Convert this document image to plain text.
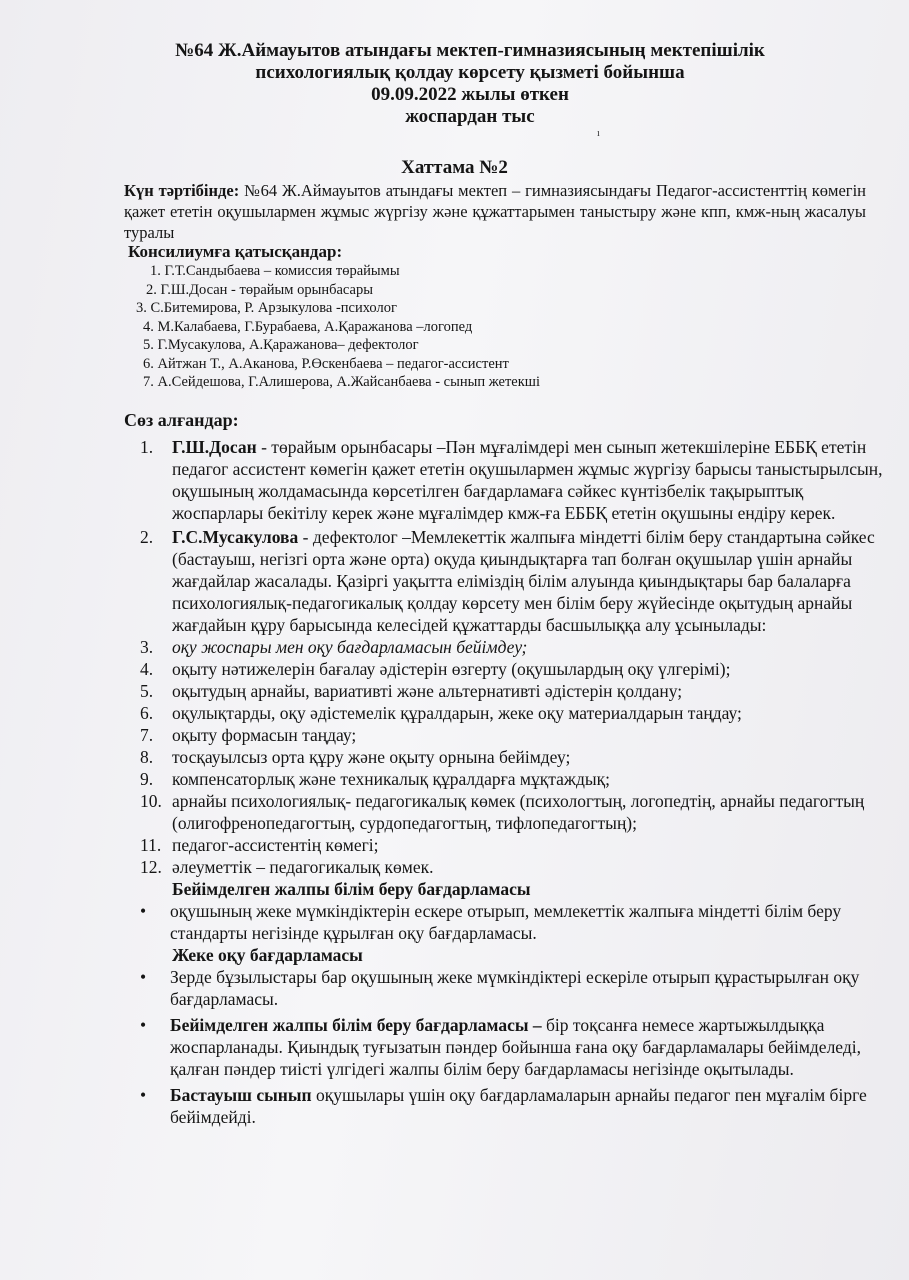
№64 Ж.Аймауытов атындағы мектеп-гимназиясының мектепішілік
психологиялық қолдау көрсету қызметі бойынша
09.09.2022 жылы өткен
жоспардан тыс
ı
Хаттама №2
Күн тәртібінде: №64 Ж.Аймауытов атындағы мектеп – гимназиясындағы Педагог-ассистенттің көмегін қажет ететін оқушылармен жұмыс жүргізу және құжаттарымен таныстыру және кпп, кмж-ның жасалуы туралы
Консилиумға қатысқандар:
1. Г.Т.Сандыбаева – комиссия төрайымы
2. Г.Ш.Досан - төрайым орынбасары
3. С.Битемирова, Р. Арзыкулова -психолог
4. М.Калабаева, Г.Бурабаева, А.Қаражанова –логопед
5. Г.Мусакулова, А.Қаражанова– дефектолог
6. Айтжан Т., А.Аканова, Р.Өскенбаева – педагог-ассистент
7. А.Сейдешова, Г.Алишерова, А.Жайсанбаева - сынып жетекші
Сөз алғандар:
1. Г.Ш.Досан - төрайым орынбасары –Пән мұғалімдері мен сынып жетекшілеріне ЕББҚ ететін педагог ассистент көмегін қажет ететін оқушылармен жұмыс жүргізу барысы таныстырылсын, оқушының жолдамасында көрсетілген бағдарламаға сәйкес күнтізбелік тақырыптық жоспарлары бекітілу керек және мұғалімдер кмж-ға ЕББҚ ететін оқушыны ендіру керек.
2. Г.С.Мусакулова - дефектолог –Мемлекеттік жалпыға міндетті білім беру стандартына сәйкес (бастауыш, негізгі орта және орта) оқуда қиындықтарға тап болған оқушылар үшін арнайы жағдайлар жасалады. Қазіргі уақытта еліміздің білім алуында қиындықтары бар балаларға психологиялық-педагогикалық қолдау көрсету мен білім беру жүйесінде оқытудың арнайы жағдайын құру барысында келесідей құжаттарды басшылыққа алу ұсынылады:
3. оқу жоспары мен оқу бағдарламасын бейімдеу;
4. оқыту нәтижелерін бағалау әдістерін өзгерту (оқушылардың оқу үлгерімі);
5. оқытудың арнайы, вариативті және альтернативті әдістерін қолдану;
6. оқулықтарды, оқу әдістемелік құралдарын, жеке оқу материалдарын таңдау;
7. оқыту формасын таңдау;
8. тосқауылсыз орта құру және оқыту орнына бейімдеу;
9. компенсаторлық және техникалық құралдарға мұқтаждық;
10. арнайы психологиялық- педагогикалық көмек (психологтың, логопедтің, арнайы педагогтың (олигофренопедагогтың, сурдопедагогтың, тифлопедагогтың);
11. педагог-ассистентің көмегі;
12. әлеуметтік – педагогикалық көмек.
Бейімделген жалпы білім беру бағдарламасы
• оқушының жеке мүмкіндіктерін ескере отырып, мемлекеттік жалпыға міндетті білім беру стандарты негізінде құрылған оқу бағдарламасы.
Жеке оқу бағдарламасы
• Зерде бұзылыстары бар оқушының жеке мүмкіндіктері ескеріле отырып құрастырылған оқу бағдарламасы.
• Бейімделген жалпы білім беру бағдарламасы – бір тоқсанға немесе жартыжылдыққа жоспарланады. Қиындық туғызатын пәндер бойынша ғана оқу бағдарламалары бейімделеді, қалған пәндер тиісті үлгідегі жалпы білім беру бағдарламасы негізінде оқытылады.
• Бастауыш сынып оқушылары үшін оқу бағдарламаларын арнайы педагог пен мұғалім бірге бейімдейді.
